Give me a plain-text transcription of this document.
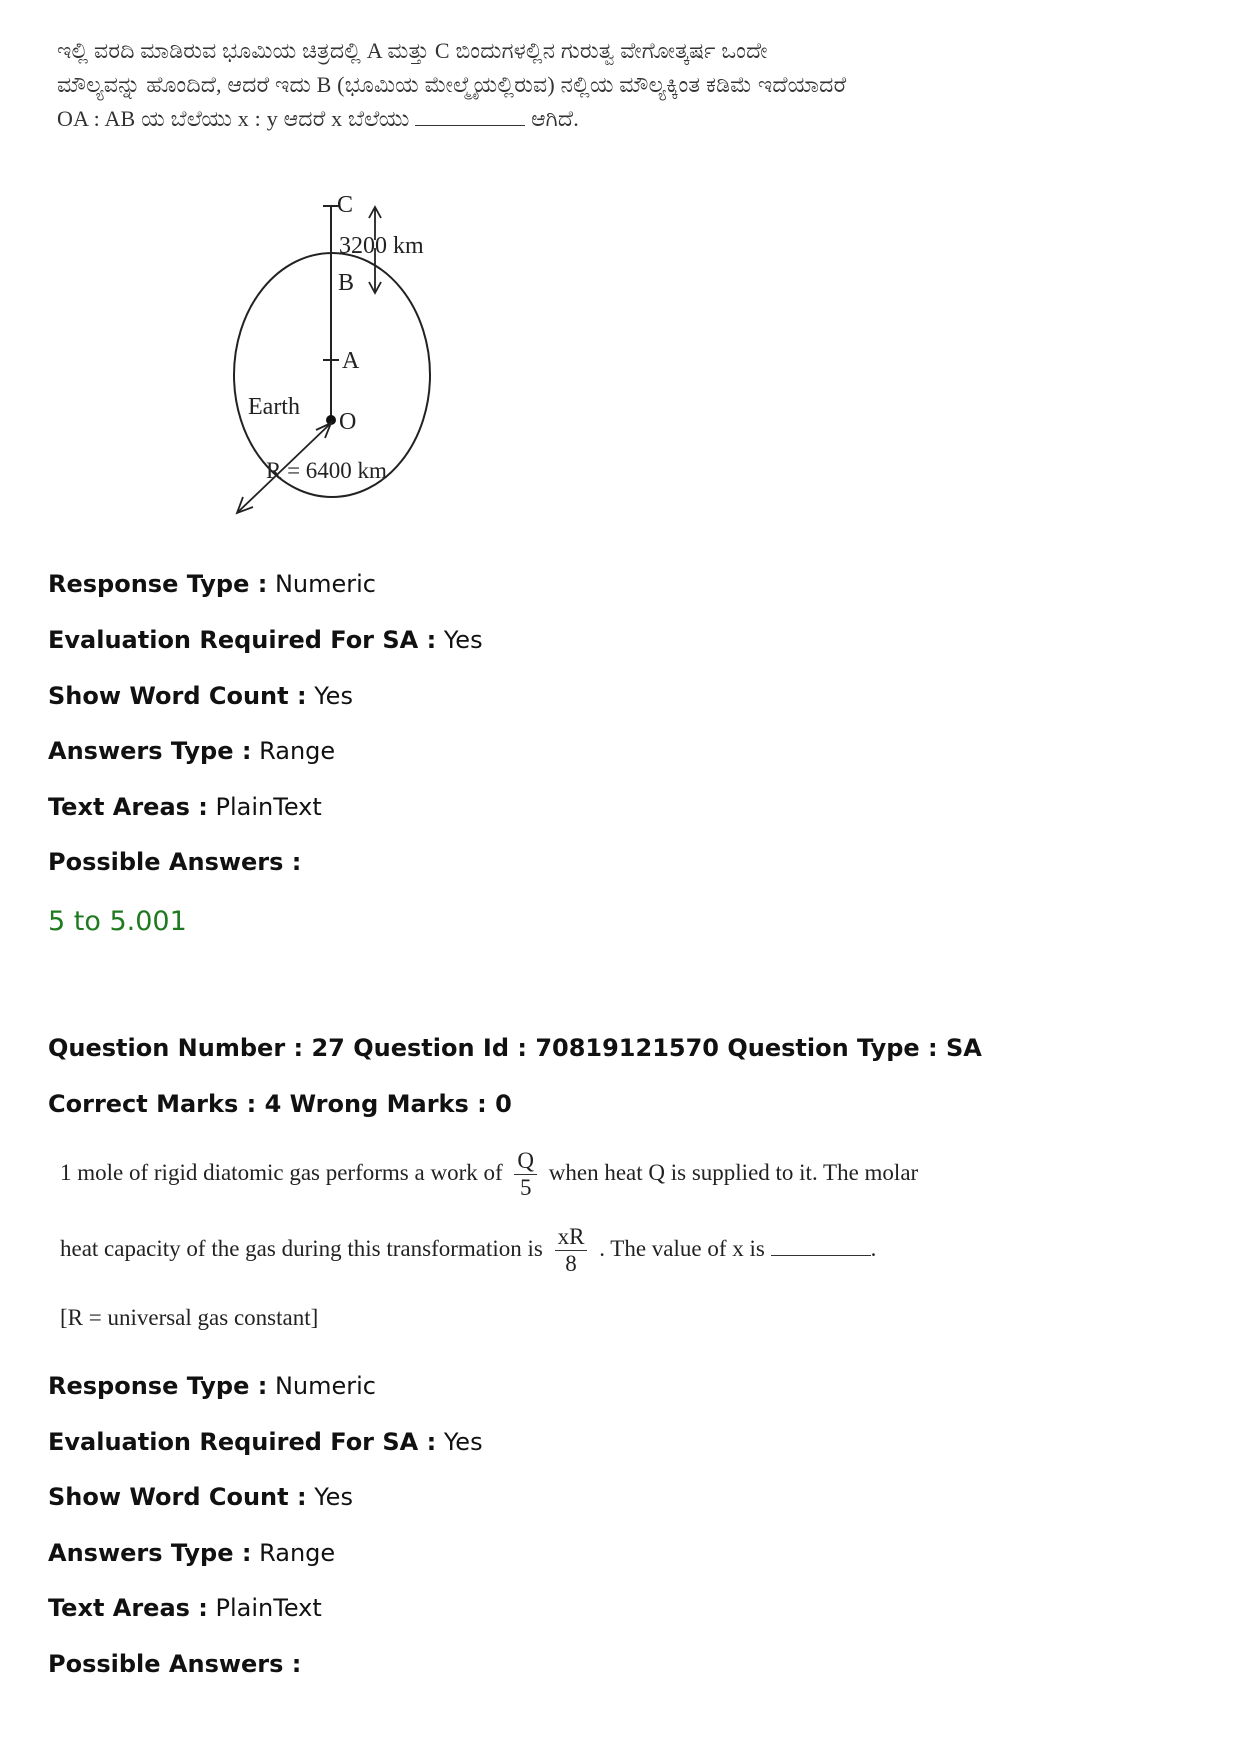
ಇಲ್ಲಿ ವರದಿ ಮಾಡಿರುವ ಭೂಮಿಯ ಚಿತ್ರದಲ್ಲಿ A ಮತ್ತು C ಬಿಂದುಗಳಲ್ಲಿನ ಗುರುತ್ವ ವೇಗೋತ್ಕರ್ಷ ಒಂದೇ
ಮೌಲ್ಯವನ್ನು ಹೊಂದಿದೆ, ಆದರೆ ಇದು B (ಭೂಮಿಯ ಮೇಲ್ಮೈಯಲ್ಲಿರುವ) ನಲ್ಲಿಯ ಮೌಲ್ಯಕ್ಕಿಂತ ಕಡಿಮೆ ಇದೆಯಾದರೆ
OA : AB ಯ ಬೆಲೆಯು x : y ಆದರೆ x ಬೆಲೆಯು	ಆಗಿದೆ.
C
3200 km
B
A
Earth
O
R = 6400 km
Response Type : Numeric
Evaluation Required For SA : Yes
Show Word Count : Yes
Answers Type : Range
Text Areas : PlainText
Possible Answers :
5 to 5.001
Question Number : 27 Question Id : 70819121570 Question Type : SA
Correct Marks : 4 Wrong Marks : 0
1 mole of rigid diatomic gas performs a work of $\frac{Q}{5}$ when heat Q is supplied to it. The molar
heat capacity of the gas during this transformation is $\frac{xR}{8}$ . The value of x is	.
[R = universal gas constant]
Response Type : Numeric
Evaluation Required For SA : Yes
Show Word Count : Yes
Answers Type : Range
Text Areas : PlainText
Possible Answers :
